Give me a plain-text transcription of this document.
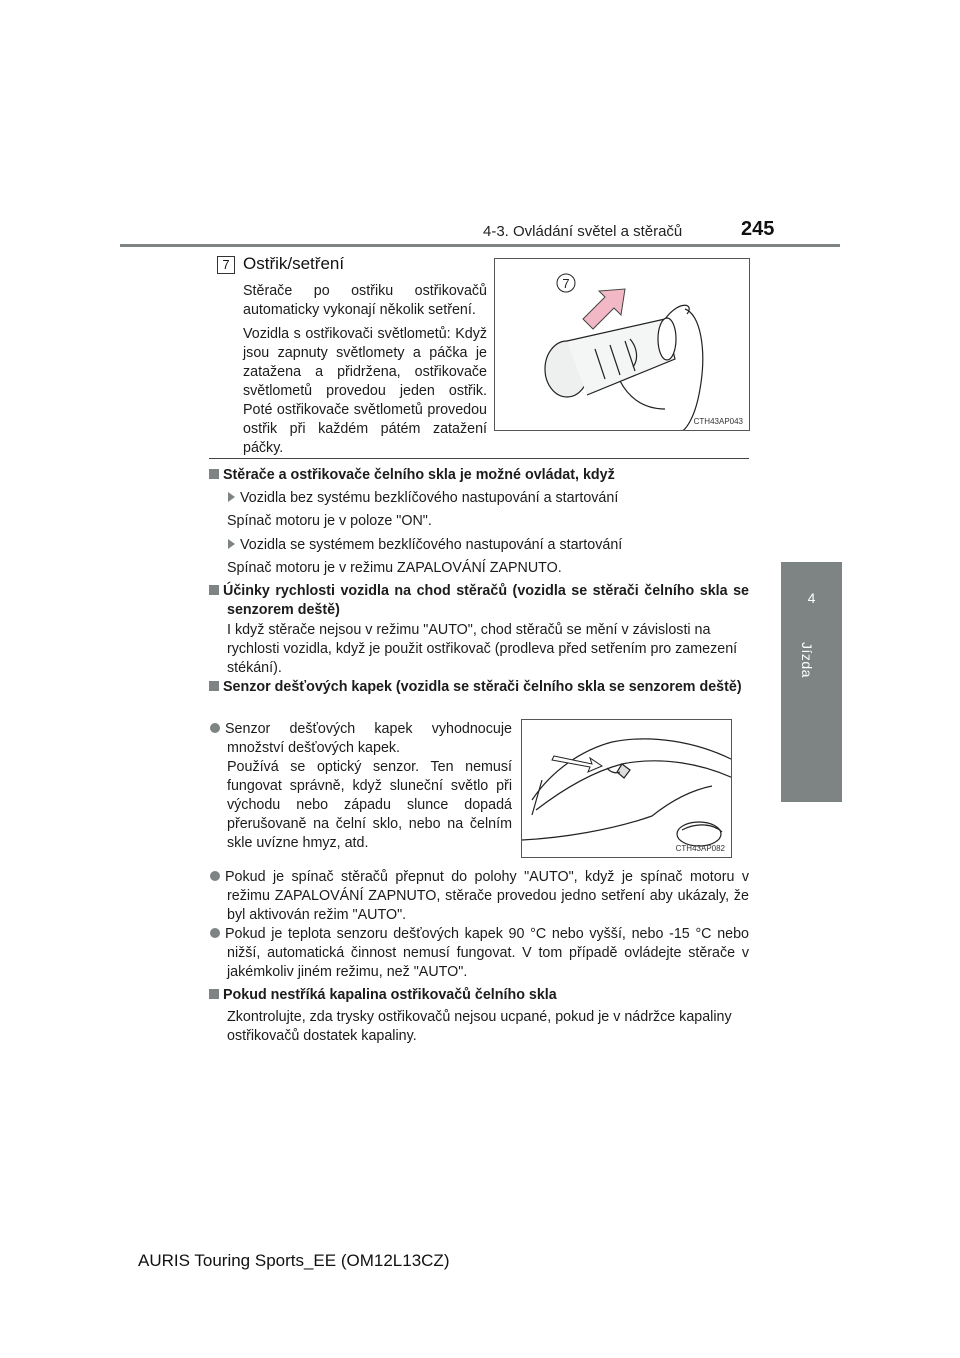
4-3. Ovládání světel a stěračů	245
4
Jízda
7 Ostřik/setření
Stěrače po ostřiku ostřikovačů automaticky vykonají několik setření.
Vozidla s ostřikovači světlometů: Když jsou zapnuty světlomety a páčka je zatažena a přidržena, ostřikovače světlometů provedou jeden ostřik. Poté ostřikovače světlometů provedou ostřik při každém pátém zatažení páčky.
7
CTH43AP043
Stěrače a ostřikovače čelního skla je možné ovládat, když
Vozidla bez systému bezklíčového nastupování a startování
Spínač motoru je v poloze "ON".
Vozidla se systémem bezklíčového nastupování a startování
Spínač motoru je v režimu ZAPALOVÁNÍ ZAPNUTO.
Účinky rychlosti vozidla na chod stěračů (vozidla se stěrači čelního skla se senzorem deště)
I když stěrače nejsou v režimu "AUTO", chod stěračů se mění v závislosti na rychlosti vozidla, když je použit ostřikovač (prodleva před setřením pro zamezení stékání).
Senzor dešťových kapek (vozidla se stěrači čelního skla se senzorem deště)
Senzor dešťových kapek vyhodnocuje množství dešťových kapek.
Používá se optický senzor. Ten nemusí fungovat správně, když sluneční světlo při východu nebo západu slunce dopadá přerušovaně na čelní sklo, nebo na čelním skle uvízne hmyz, atd.	CTH43AP082
Pokud je spínač stěračů přepnut do polohy "AUTO", když je spínač motoru v režimu ZAPALOVÁNÍ ZAPNUTO, stěrače provedou jedno setření aby ukázaly, že byl aktivován režim "AUTO".
Pokud je teplota senzoru dešťových kapek 90 °C nebo vyšší, nebo -15 °C nebo nižší, automatická činnost nemusí fungovat. V tom případě ovládejte stěrače v jakémkoliv jiném režimu, než "AUTO".
Pokud nestříká kapalina ostřikovačů čelního skla
Zkontrolujte, zda trysky ostřikovačů nejsou ucpané, pokud je v nádržce kapaliny ostřikovačů dostatek kapaliny.
AURIS Touring Sports_EE (OM12L13CZ)
